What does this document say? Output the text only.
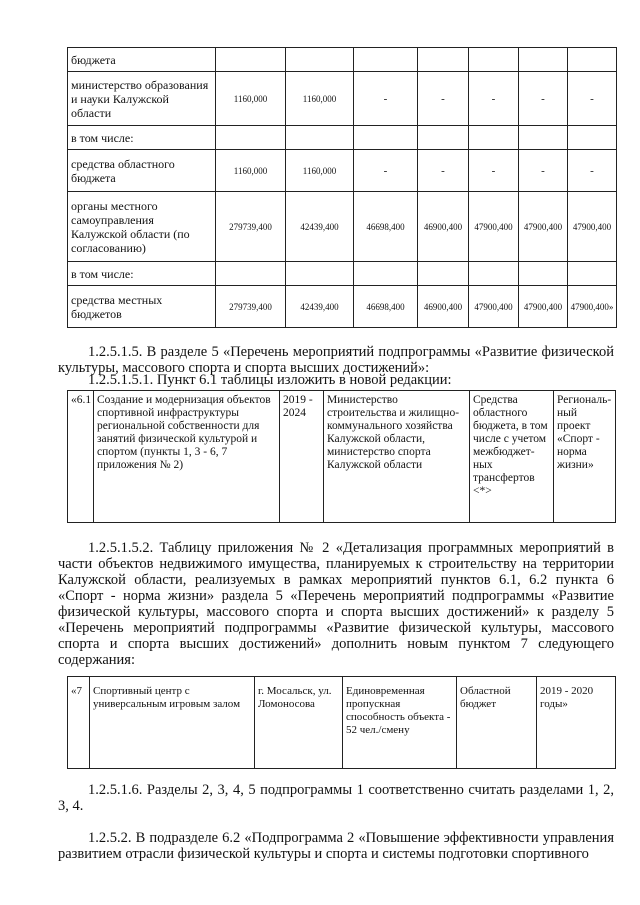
бюджета							
министерство образования и науки Калужской области	1160,000	1160,000	-	-	-	-	-
в том числе:							
средства областного бюджета	1160,000	1160,000	-	-	-	-	-
органы местного самоуправления Калужской области (по согласованию)	279739,400	42439,400	46698,400	46900,400	47900,400	47900,400	47900,400
в том числе:							
средства местных бюджетов	279739,400	42439,400	46698,400	46900,400	47900,400	47900,400	47900,400»
1.2.5.1.5. В разделе 5 «Перечень мероприятий подпрограммы «Развитие физической культуры, массового спорта и спорта высших достижений»:
1.2.5.1.5.1. Пункт 6.1 таблицы изложить в новой редакции:
«6.1	Создание и модернизация объектов спортивной инфраструктуры региональной собственности для занятий физической культурой и спортом (пункты 1, 3 - 6, 7 приложения № 2)	2019 - 2024	Министерство строительства и жилищно-коммунального хозяйства Калужской области, министерство спорта Калужской области	Средства областного бюджета, в том числе с учетом межбюджет-ных трансфертов <*>	Региональ-ный проект «Спорт - норма жизни»
1.2.5.1.5.2. Таблицу приложения № 2 «Детализация программных мероприятий в части объектов недвижимого имущества, планируемых к строительству на территории Калужской области, реализуемых в рамках мероприятий пунктов 6.1, 6.2 пункта 6 «Спорт - норма жизни» раздела 5 «Перечень мероприятий подпрограммы «Развитие физической культуры, массового спорта и спорта высших достижений» к разделу 5 «Перечень мероприятий подпрограммы «Развитие физической культуры, массового спорта и спорта высших достижений» дополнить новым пунктом 7 следующего содержания:
«7	Спортивный центр с универсальным игровым залом	г. Мосальск, ул. Ломоносова	Единовременная пропускная способность объекта - 52 чел./смену	Областной бюджет	2019 - 2020 годы»
1.2.5.1.6. Разделы 2, 3, 4, 5 подпрограммы 1 соответственно считать разделами 1, 2, 3, 4.
1.2.5.2. В подразделе 6.2 «Подпрограмма 2 «Повышение эффективности управления развитием отрасли физической культуры и спорта и системы подготовки спортивного
